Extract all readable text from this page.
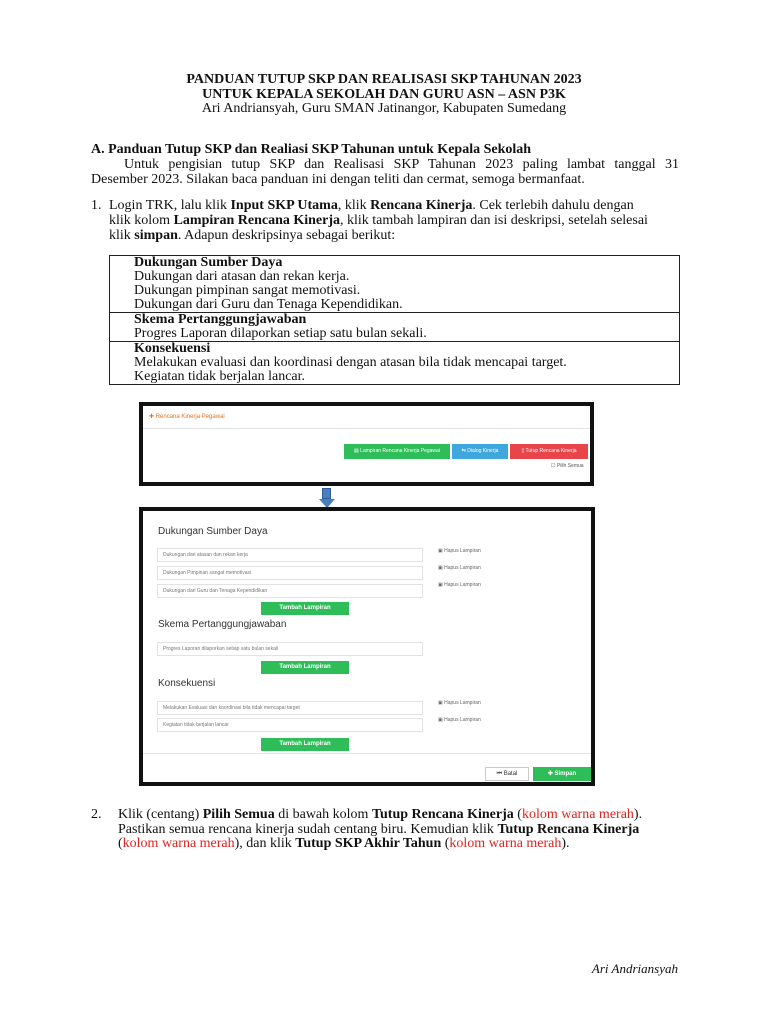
PANDUAN TUTUP SKP DAN REALISASI SKP TAHUNAN 2023
UNTUK KEPALA SEKOLAH DAN GURU ASN – ASN P3K
Ari Andriansyah, Guru SMAN Jatinangor, Kabupaten Sumedang
A. Panduan Tutup SKP dan Realiasi SKP Tahunan untuk Kepala Sekolah
Untuk pengisian tutup SKP dan Realisasi SKP Tahunan 2023 paling lambat tanggal 31
Desember 2023. Silakan baca panduan ini dengan teliti dan cermat, semoga bermanfaat.
1. Login TRK, lalu klik Input SKP Utama, klik Rencana Kinerja. Cek terlebih dahulu dengan
klik kolom Lampiran Rencana Kinerja, klik tambah lampiran dan isi deskripsi, setelah selesai
klik simpan. Adapun deskripsinya sebagai berikut:
Dukungan Sumber Daya
Dukungan dari atasan dan rekan kerja.
Dukungan pimpinan sangat memotivasi.
Dukungan dari Guru dan Tenaga Kependidikan.
Skema Pertanggungjawaban
Progres Laporan dilaporkan setiap satu bulan sekali.
Konsekuensi
Melakukan evaluasi dan koordinasi dengan atasan bila tidak mencapai target.
Kegiatan tidak berjalan lancar.
✚ Rencana Kinerja Pegawai
▤ Lampiran Rencana Kinerja Pegawai	⇆ Dialog Kinerja	▯ Tutup Rencana Kinerja
☐ Pilih Semua
Dukungan Sumber Daya
Dukungan dari atasan dan rekan kerja
▣ Hapus Lampiran
Dukungan Pimpinan sangat memotivasi
▣ Hapus Lampiran
Dukungan dari Guru dan Tenaga Kependidikan
▣ Hapus Lampiran
Tambah Lampiran
Skema Pertanggungjawaban
Progres Laporan dilaporkan setiap satu bulan sekali
Tambah Lampiran
Konsekuensi
Melakukan Evaluasi dan koordinasi bila tidak mencapai target
▣ Hapus Lampiran
Kegiatan tidak berjalan lancar
▣ Hapus Lampiran
Tambah Lampiran
⏮ Batal	✚ Simpan
2. Klik (centang) Pilih Semua di bawah kolom Tutup Rencana Kinerja (kolom warna merah).
Pastikan semua rencana kinerja sudah centang biru. Kemudian klik Tutup Rencana Kinerja
(kolom warna merah), dan klik Tutup SKP Akhir Tahun (kolom warna merah).
Ari Andriansyah
